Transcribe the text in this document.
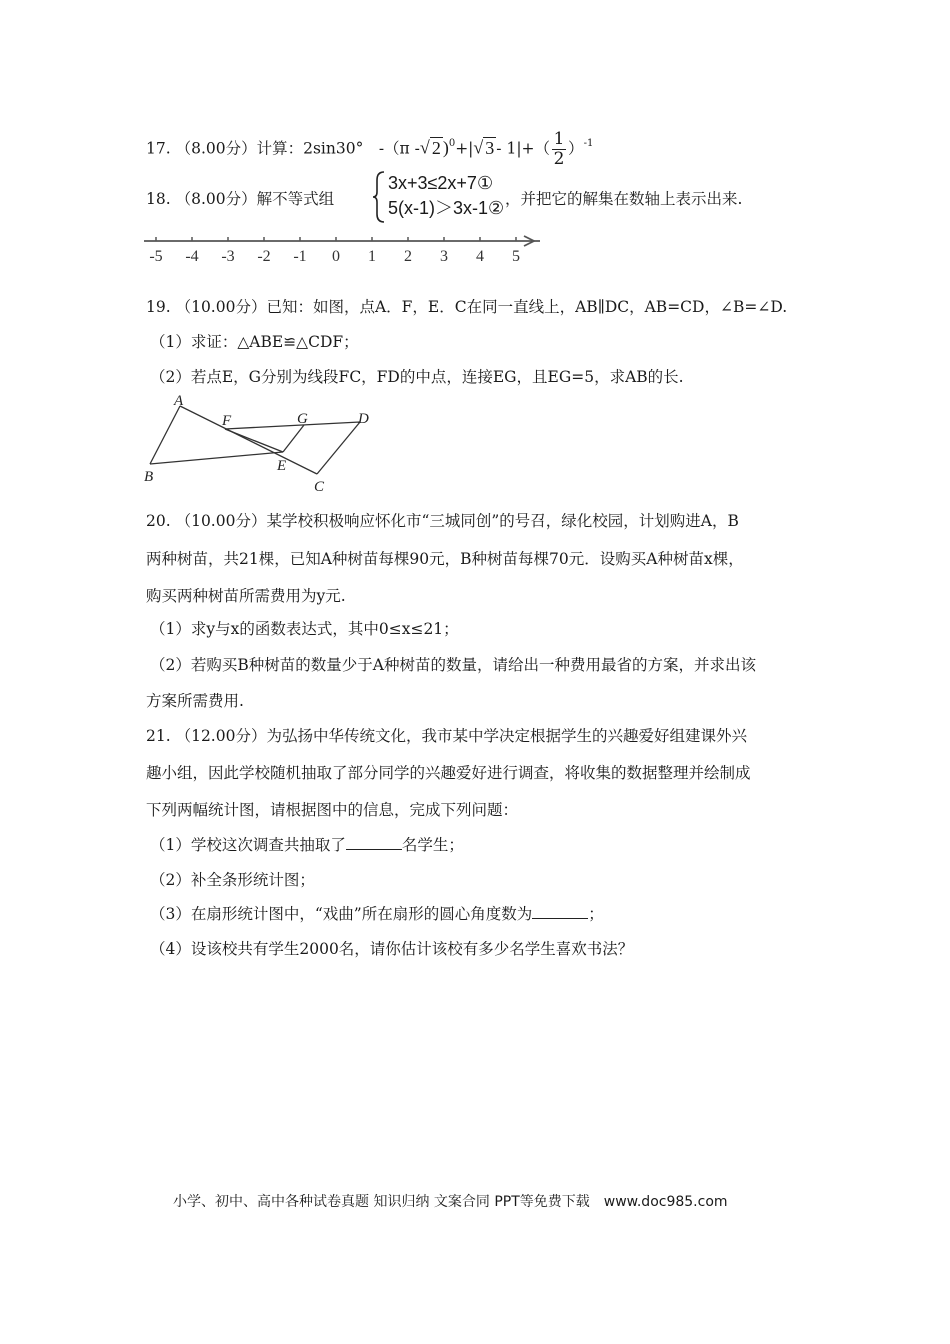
17. （8.00分）计算：2sin30°　-（π -√ 2 )$^0$+|√ $3 - 1|+( \frac{1}{2} )^{-1}$
18. （8.00分）解不等式组
3x+3≤2x+7①
5(x-1)＞3x-1② ，并把它的解集在数轴上表示出来.
-5 -4 -3 -2 -1 0 1 2 3 4 5
19. （10.00分）已知：如图，点A．F，E．C在同一直线上，AB∥DC，AB=CD，∠B=∠D.
（1）求证：△ABE≌△CDF；
（2）若点E，G分别为线段FC，FD的中点，连接EG，且EG=5，求AB的长.
A
B
C
D
E
F	G
20. （10.00分）某学校积极响应怀化市“三城同创”的号召，绿化校园，计划购进A，B
两种树苗，共21棵，已知A种树苗每棵90元，B种树苗每棵70元．设购买A种树苗x棵，
购买两种树苗所需费用为y元.
（1）求y与x的函数表达式，其中0≤x≤21；
（2）若购买B种树苗的数量少于A种树苗的数量，请给出一种费用最省的方案，并求出该
方案所需费用.
21. （12.00分）为弘扬中华传统文化，我市某中学决定根据学生的兴趣爱好组建课外兴
趣小组，因此学校随机抽取了部分同学的兴趣爱好进行调查，将收集的数据整理并绘制成
下列两幅统计图，请根据图中的信息，完成下列问题：
（1）学校这次调查共抽取了	名学生；
（2）补全条形统计图；
（3）在扇形统计图中，“戏曲”所在扇形的圆心角度数为	；
（4）设该校共有学生2000名，请你估计该校有多少名学生喜欢书法？
小学、初中、高中各种试卷真题 知识归纳 文案合同 PPT等免费下载　www.doc985.com
